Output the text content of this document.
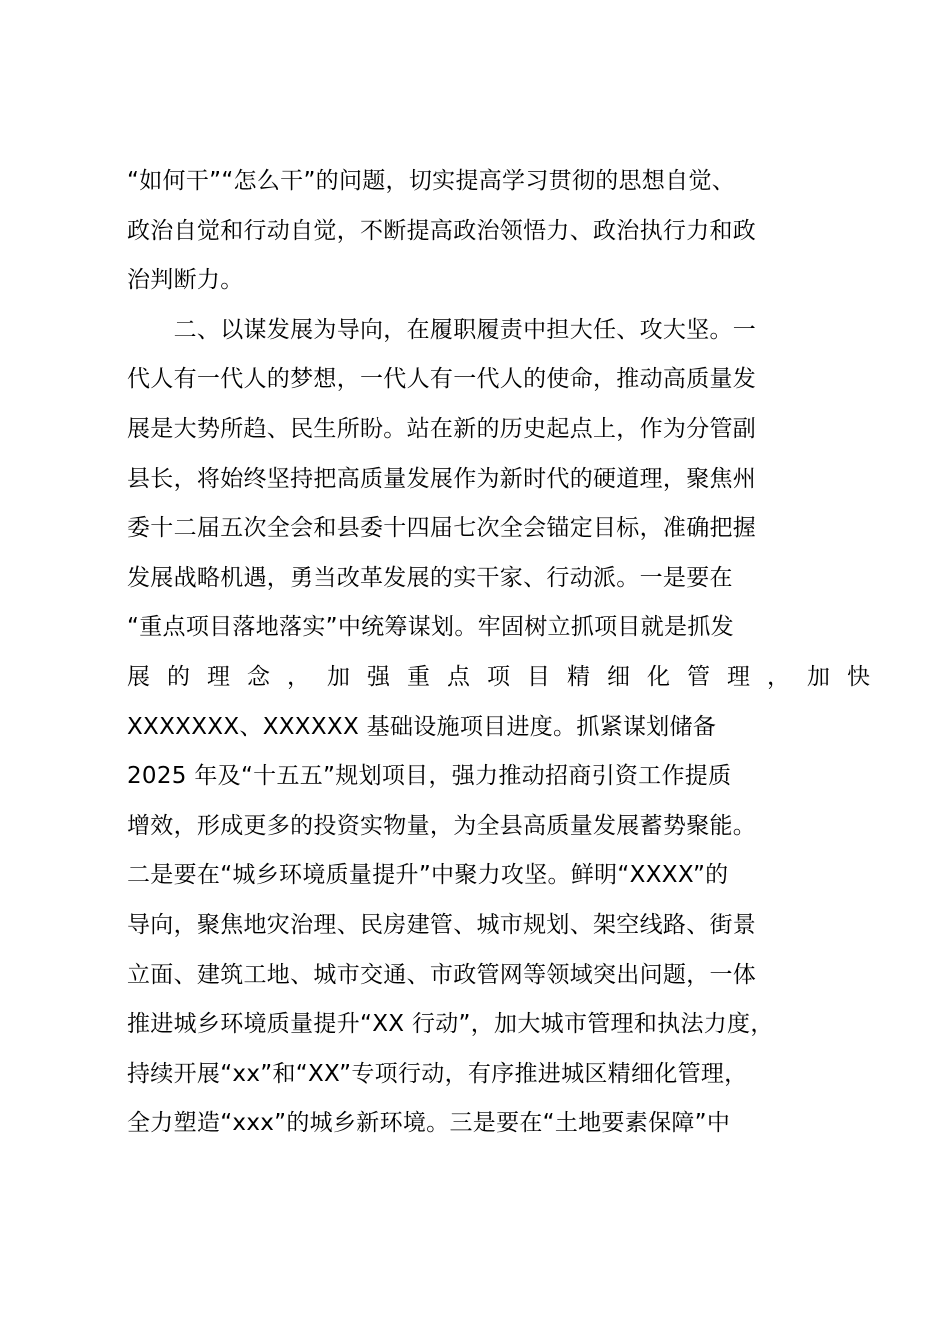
“如何干”“怎么干”的问题，切实提高学习贯彻的思想自觉、
政治自觉和行动自觉，不断提高政治领悟力、政治执行力和政
治判断力。
　　二、以谋发展为导向，在履职履责中担大任、攻大坚。一
代人有一代人的梦想，一代人有一代人的使命，推动高质量发
展是大势所趋、民生所盼。站在新的历史起点上，作为分管副
县长，将始终坚持把高质量发展作为新时代的硬道理，聚焦州
委十二届五次全会和县委十四届七次全会锚定目标，准确把握
发展战略机遇，勇当改革发展的实干家、行动派。一是要在
“重点项目落地落实”中统筹谋划。牢固树立抓项目就是抓发
展的理念，加强重点项目精细化管理，加快
XXXXXXX、XXXXXX 基础设施项目进度。抓紧谋划储备
2025 年及“十五五”规划项目，强力推动招商引资工作提质
增效，形成更多的投资实物量，为全县高质量发展蓄势聚能。
二是要在“城乡环境质量提升”中聚力攻坚。鲜明“XXXX”的
导向，聚焦地灾治理、民房建管、城市规划、架空线路、街景
立面、建筑工地、城市交通、市政管网等领域突出问题，一体
推进城乡环境质量提升“XX 行动”，加大城市管理和执法力度，
持续开展“xx”和“XX”专项行动，有序推进城区精细化管理，
全力塑造“xxx”的城乡新环境。三是要在“土地要素保障”中
